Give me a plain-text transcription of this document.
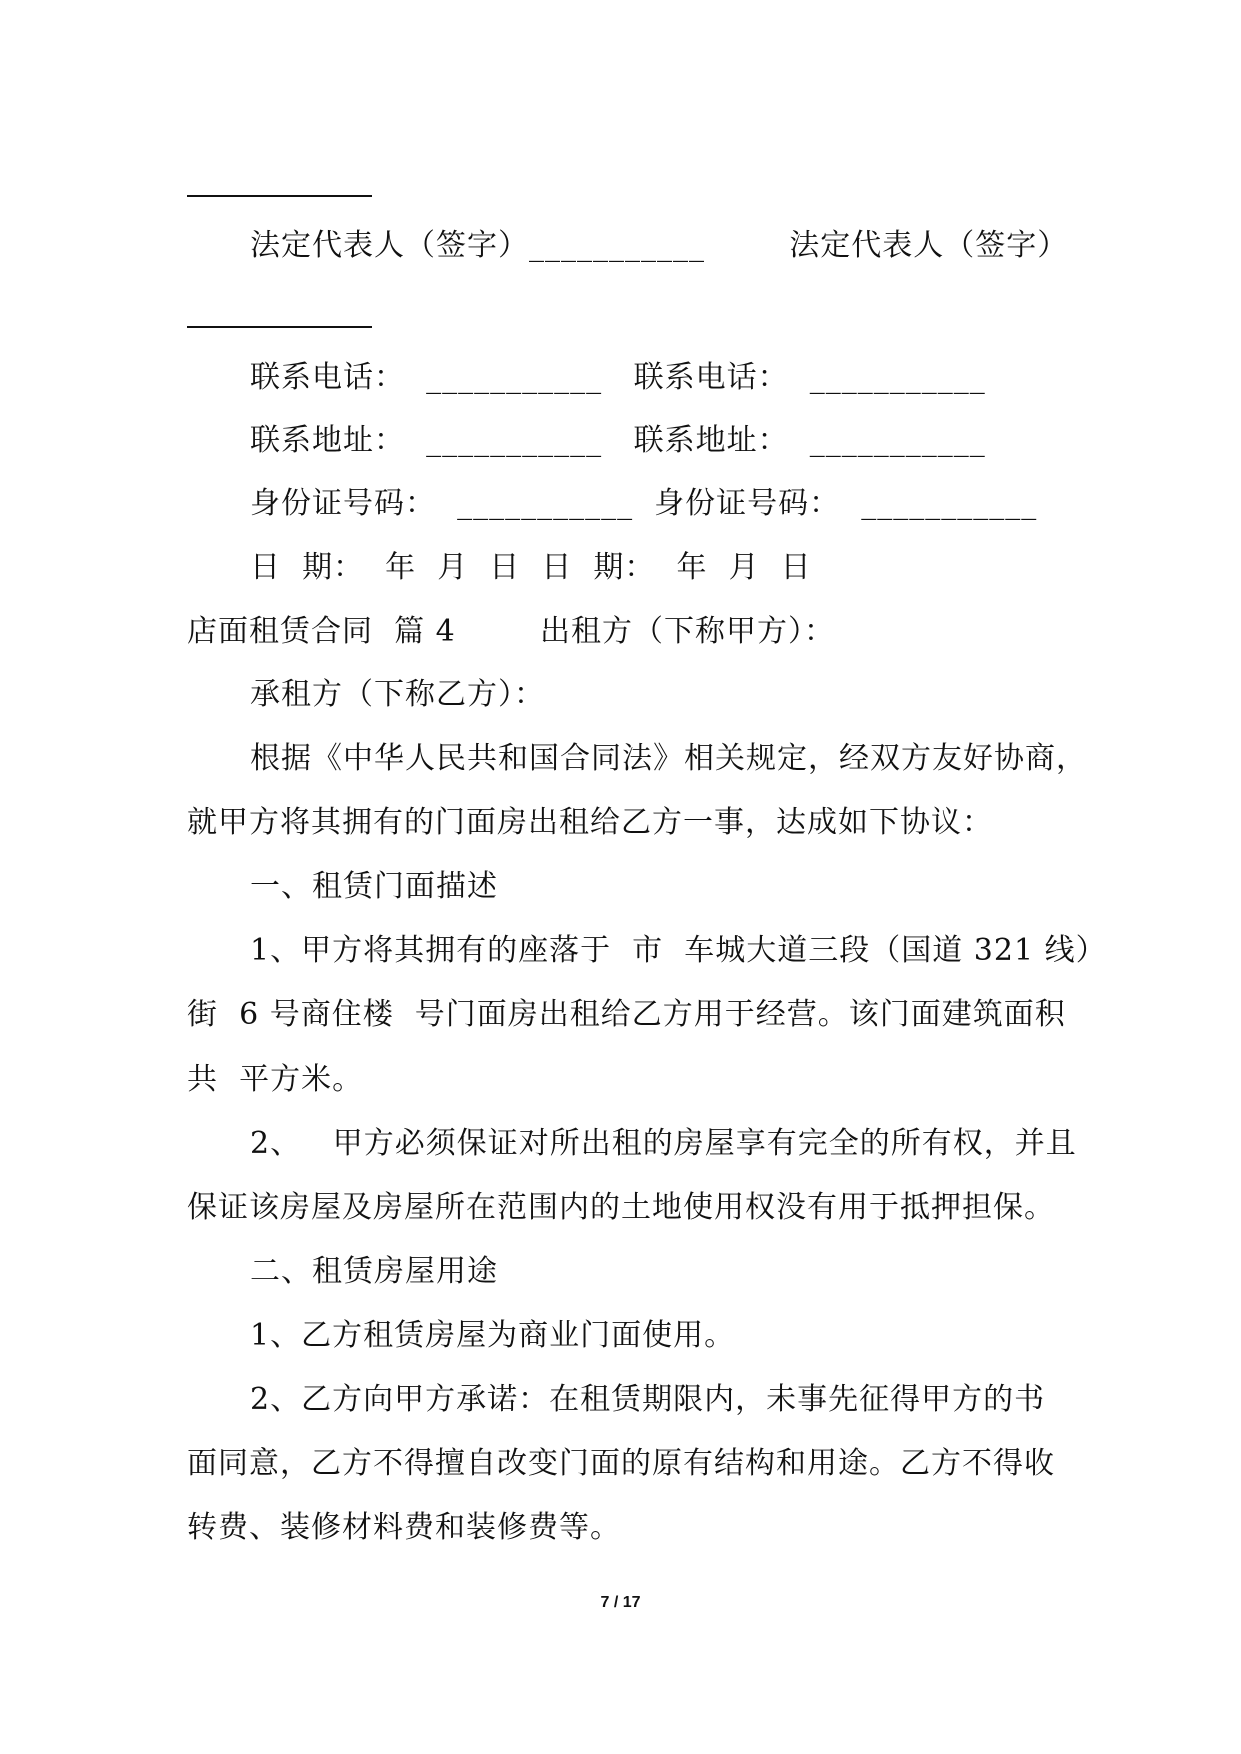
法定代表人（签字）___________        法定代表人（签字）
联系电话：  ___________   联系电话：  ___________
联系地址：  ___________   联系地址：  ___________
身份证号码：  ___________  身份证号码：  ___________
日  期：  年  月  日  日  期：  年  月  日
店面租赁合同  篇 4        出租方（下称甲方）：
承租方（下称乙方）：
根据《中华人民共和国合同法》相关规定，经双方友好协商，
就甲方将其拥有的门面房出租给乙方一事，达成如下协议：
一、租赁门面描述
1、甲方将其拥有的座落于  市  车城大道三段（国道 321 线）
街  6 号商住楼  号门面房出租给乙方用于经营。该门面建筑面积
共  平方米。
2、   甲方必须保证对所出租的房屋享有完全的所有权，并且
保证该房屋及房屋所在范围内的土地使用权没有用于抵押担保。
二、租赁房屋用途
1、乙方租赁房屋为商业门面使用。
2、乙方向甲方承诺：在租赁期限内，未事先征得甲方的书
面同意，乙方不得擅自改变门面的原有结构和用途。乙方不得收
转费、装修材料费和装修费等。
7 / 17
